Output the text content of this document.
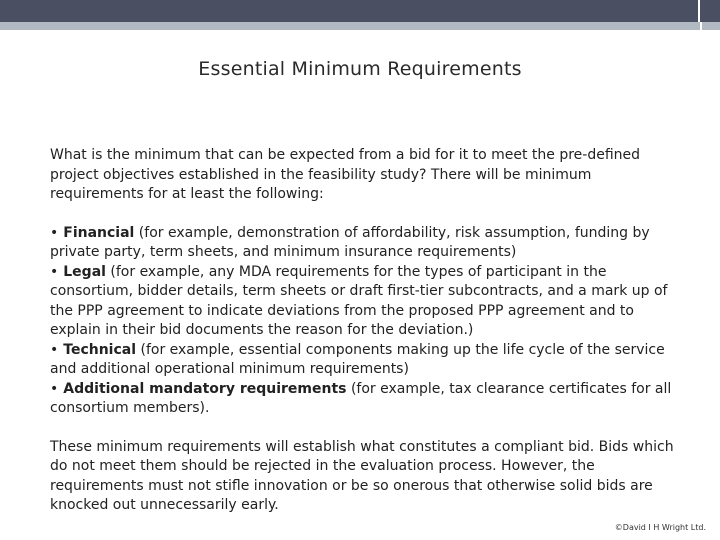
Essential Minimum Requirements

What is the minimum that can be expected from a bid for it to meet the pre-defined project objectives established in the feasibility study? There will be minimum requirements for at least the following:

• Financial (for example, demonstration of affordability, risk assumption, funding by private party, term sheets, and minimum insurance requirements)

• Legal (for example, any MDA requirements for the types of participant in the consortium, bidder details, term sheets or draft first-tier subcontracts, and a mark up of the PPP agreement to indicate deviations from the proposed PPP agreement and to explain in their bid documents the reason for the deviation.)

• Technical (for example, essential components making up the life cycle of the service and additional operational minimum requirements)

• Additional mandatory requirements (for example, tax clearance certificates for all consortium members).

These minimum requirements will establish what constitutes a compliant bid. Bids which do not meet them should be rejected in the evaluation process. However, the requirements must not stifle innovation or be so onerous that otherwise solid bids are knocked out unnecessarily early.

©David I H Wright Ltd.
